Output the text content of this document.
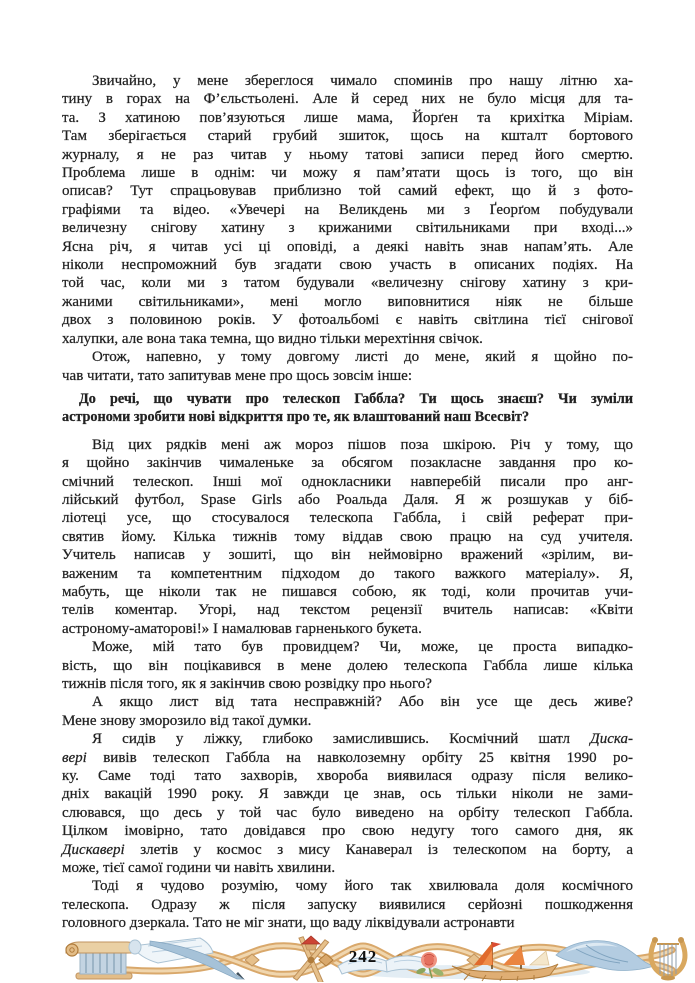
Звичайно, у мене збереглося чимало споминів про нашу літню ха-
тину в горах на Ф’єльстьолені. Але й серед них не було місця для та-
та. З хатиною пов’язуються лише мама, Йорґен та крихітка Міріам.
Там зберігається старий грубий зшиток, щось на кшталт бортового
журналу, я не раз читав у ньому татові записи перед його смертю.
Проблема лише в однім: чи можу я пам’ятати щось із того, що він
описав? Тут спрацьовував приблизно той самий ефект, що й з фото-
графіями та відео. «Увечері на Великдень ми з Ґеорґом побудували
величезну снігову хатину з крижаними світильниками при вході...»
Ясна річ, я читав усі ці оповіді, а деякі навіть знав напам’ять. Але
ніколи неспроможний був згадати свою участь в описаних подіях. На
той час, коли ми з татом будували «величезну снігову хатину з кри-
жаними світильниками», мені могло виповнитися ніяк не більше
двох з половиною років. У фотоальбомі є навіть світлина тієї снігової
халупки, але вона така темна, що видно тільки мерехтіння свічок.
Отож, напевно, у тому довгому листі до мене, який я щойно по-
чав читати, тато запитував мене про щось зовсім інше:
До речі, що чувати про телескоп Габбла? Ти щось знаєш? Чи зуміли
астрономи зробити нові відкриття про те, як влаштований наш Всесвіт?
Від цих рядків мені аж мороз пішов поза шкірою. Річ у тому, що
я щойно закінчив чималеньке за обсягом позакласне завдання про ко-
смічний телескоп. Інші мої однокласники навперебій писали про анг-
лійський футбол, Spase Girls або Роальда Даля. Я ж розшукав у біб-
ліотеці усе, що стосувалося телескопа Габбла, і свій реферат при-
святив йому. Кілька тижнів тому віддав свою працю на суд учителя.
Учитель написав у зошиті, що він неймовірно вражений «зрілим, ви-
важеним та компетентним підходом до такого важкого матеріалу». Я,
мабуть, ще ніколи так не пишався собою, як тоді, коли прочитав учи-
телів коментар. Угорі, над текстом рецензії вчитель написав: «Квіти
астроному-аматорові!» І намалював гарненького букета.
Може, мій тато був провидцем? Чи, може, це проста випадко-
вість, що він поцікавився в мене долею телескопа Габбла лише кілька
тижнів після того, як я закінчив свою розвідку про нього?
А якщо лист від тата несправжній? Або він усе ще десь живе?
Мене знову зморозило від такої думки.
Я сидів у ліжку, глибоко замислившись. Космічний шатл Диска-
вері вивів телескоп Габбла на навколоземну орбіту 25 квітня 1990 ро-
ку. Саме тоді тато захворів, хвороба виявилася одразу після велико-
дніх вакацій 1990 року. Я завжди це знав, ось тільки ніколи не зами-
слювався, що десь у той час було виведено на орбіту телескоп Габбла.
Цілком імовірно, тато довідався про свою недугу того самого дня, як
Дискавері злетів у космос з мису Канаверал із телескопом на борту, а
може, тієї самої години чи навіть хвилини.
Тоді я чудово розумію, чому його так хвилювала доля космічного
телескопа. Одразу ж після запуску виявилися серйозні пошкодження
головного дзеркала. Тато не міг знати, що ваду ліквідували астронавти
242
